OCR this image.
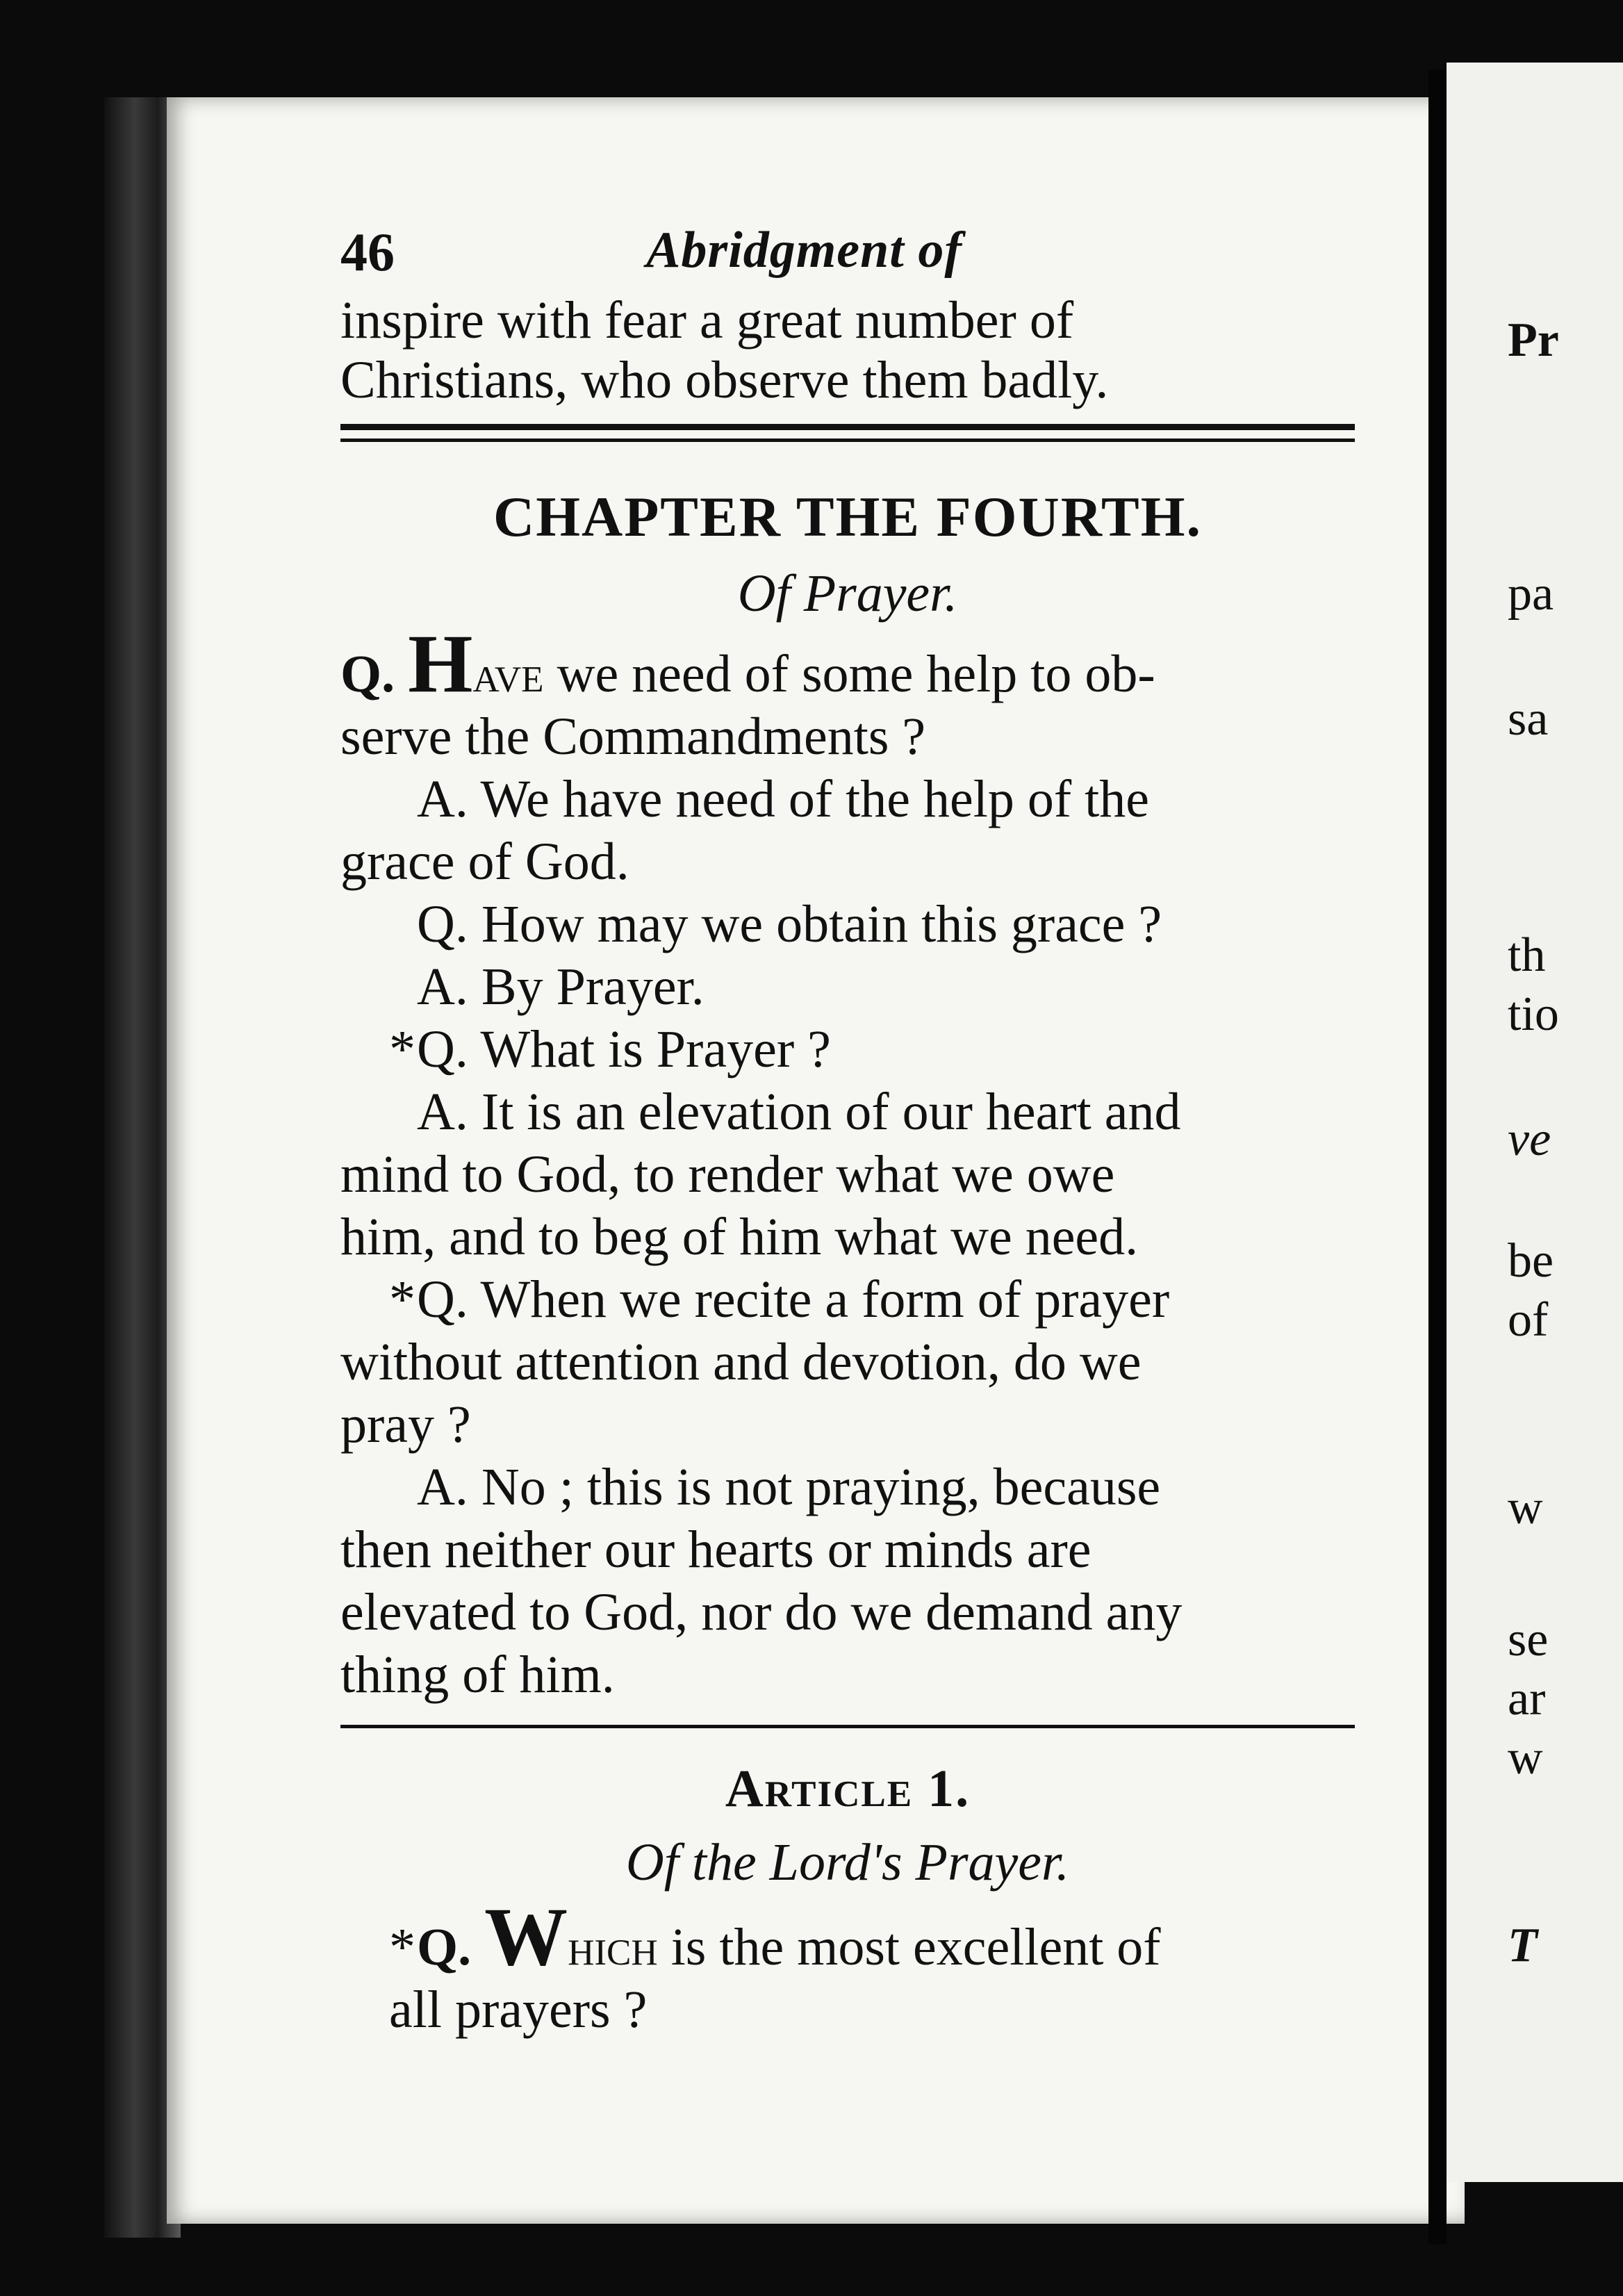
46	Abridgment of

inspire with fear a great number of

Christians, who observe them badly.

CHAPTER THE FOURTH.
Of Prayer.

Q. Have we need of some help to ob-

serve the Commandments ?

A. We have need of the help of the

grace of God.

Q. How may we obtain this grace ?

A. By Prayer.

*Q. What is Prayer ?

A. It is an elevation of our heart and

mind to God, to render what we owe

him, and to beg of him what we need.

*Q. When we recite a form of prayer

without attention and devotion, do we

pray ?

A. No ; this is not praying, because

then neither our hearts or minds are

elevated to God, nor do we demand any

thing of him.

Article 1.
Of the Lord's Prayer.

*Q. Which is the most excellent of

all prayers ?

Pr
pa
sa
th
tio
ve
be
of
w
se
ar
w
T
